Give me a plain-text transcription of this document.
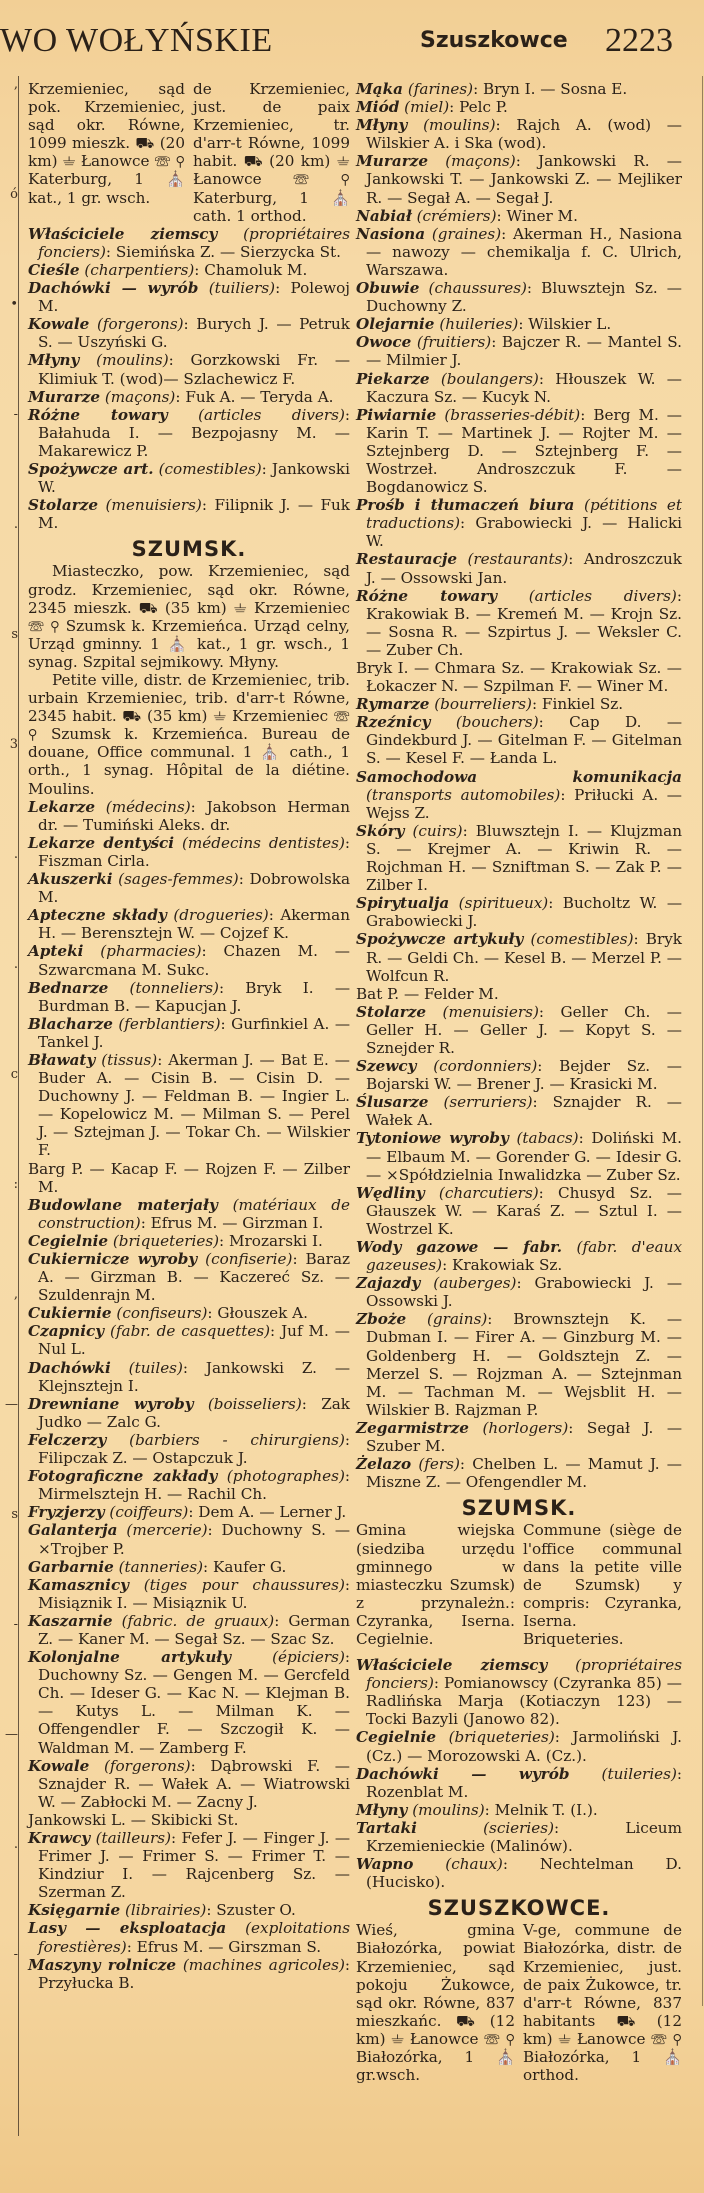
WO WOŁYŃSKIE	Szuszkowce 2223
,
ó
•
-
.
s
3
.
.
c
:
,
—
s
-
—
.
-
Krzemieniec, sąd pok. Krzemieniec, sąd okr. Równe, 1099 mieszk. ⛟ (20 km) ⏚ Łanowce ☏ ⚲ Katerburg, 1 ⛪ kat., 1 gr. wsch.
de Krzemieniec, just. de paix Krzemieniec, tr. d'arr-t Równe, 1099 habit. ⛟ (20 km) ⏚ Łanowce ☏ ⚲ Katerburg, 1 ⛪ cath. 1 orthod.

Właściciele ziemscy (propriétaires fonciers): Siemińska Z. — Sierzycka St.

Cieśle (charpentiers): Chamoluk M.

Dachówki — wyrób (tuiliers): Polewoj M.

Kowale (forgerons): Burych J. — Petruk S. — Uszyński G.

Młyny (moulins): Gorzkowski Fr. — Klimiuk T. (wod)— Szlachewicz F.

Murarze (maçons): Fuk A. — Teryda A.

Różne towary (articles divers): Bałahuda I. — Bezpojasny M. — Makarewicz P.

Spożywcze art. (comestibles): Jankowski W.

Stolarze (menuisiers): Filipnik J. — Fuk M.

SZUMSK.

Miasteczko, pow. Krzemieniec, sąd grodz. Krzemieniec, sąd okr. Równe, 2345 mieszk. ⛟ (35 km) ⏚ Krzemieniec ☏ ⚲ Szumsk k. Krzemieńca. Urząd celny, Urząd gminny. 1 ⛪ kat., 1 gr. wsch., 1 synag. Szpital sejmikowy. Młyny.

Petite ville, distr. de Krzemieniec, trib. urbain Krzemieniec, trib. d'arr-t Równe, 2345 habit. ⛟ (35 km) ⏚ Krzemieniec ☏ ⚲ Szumsk k. Krzemieńca. Bureau de douane, Office communal. 1 ⛪ cath., 1 orth., 1 synag. Hôpital de la diétine. Moulins.

Lekarze (médecins): Jakobson Herman dr. — Tumiński Aleks. dr.

Lekarze dentyści (médecins dentistes): Fiszman Cirla.

Akuszerki (sages-femmes): Dobrowolska M.

Apteczne składy (drogueries): Akerman H. — Berensztejn W. — Cojzef K.

Apteki (pharmacies): Chazen M. — Szwarcmana M. Sukc.

Bednarze (tonneliers): Bryk I. — Burdman B. — Kapucjan J.

Blacharze (ferblantiers): Gurfinkiel A. — Tankel J.

Bławaty (tissus): Akerman J. — Bat E. — Buder A. — Cisin B. — Cisin D. — Duchowny J. — Feldman B. — Ingier L. — Kopelowicz M. — Milman S. — Perel J. — Sztejman J. — Tokar Ch. — Wilskier F.

Barg P. — Kacap F. — Rojzen F. — Zilber M.

Budowlane materjały (matériaux de construction): Efrus M. — Girzman I.

Cegielnie (briqueteries): Mrozarski I.

Cukiernicze wyroby (confiserie): Baraz A. — Girzman B. — Kaczereć Sz. — Szuldenrajn M.

Cukiernie (confiseurs): Głouszek A.

Czapnicy (fabr. de casquettes): Juf M. — Nul L.

Dachówki (tuiles): Jankowski Z. — Klejnsztejn I.

Drewniane wyroby (boisseliers): Zak Judko — Zalc G.

Felczerzy (barbiers - chirurgiens): Filipczak Z. — Ostapczuk J.

Fotograficzne zakłady (photographes): Mirmelsztejn H. — Rachil Ch.

Fryzjerzy (coiffeurs): Dem A. — Lerner J.

Galanterja (mercerie): Duchowny S. — ×Trojber P.

Garbarnie (tanneries): Kaufer G.

Kamasznicy (tiges pour chaussures): Misiąznik I. — Misiąznik U.

Kaszarnie (fabric. de gruaux): German Z. — Kaner M. — Segał Sz. — Szac Sz.

Kolonjalne artykuły	(épiciers): Duchowny Sz. — Gengen M. — Gercfeld Ch. — Ideser G. — Kac N. — Klejman B. — Kutys L. — Milman K. — Offengendler F. — Szczogił K. — Waldman M. — Zamberg F.

Kowale (forgerons): Dąbrowski F. — Sznajder R. — Wałek A. — Wiatrowski W. — Zabłocki M. — Zacny J.

Jankowski L. — Skibicki St.

Krawcy (tailleurs): Fefer J. — Finger J. — Frimer J. — Frimer S. — Frimer T. — Kindziur I. — Rajcenberg Sz. — Szerman Z.

Księgarnie (librairies): Szuster O.

Lasy — eksploatacja (exploitations forestières): Efrus M. — Girszman S.

Maszyny rolnicze (machines agricoles): Przyłucka B.

Mąka (farines): Bryn I. — Sosna E.

Miód (miel): Pelc P.

Młyny (moulins): Rajch A. (wod) — Wilskier A. i Ska (wod).

Murarze (maçons): Jankowski R. — Jankowski T. — Jankowski Z. — Mejliker R. — Segał A. — Segał J.

Nabiał (crémiers): Winer M.

Nasiona (graines): Akerman H., Nasiona — nawozy — chemikalja f. C. Ulrich, Warszawa.

Obuwie (chaussures): Bluwsztejn Sz. — Duchowny Z.

Olejarnie (huileries): Wilskier L.

Owoce (fruitiers): Bajczer R. — Mantel S. — Milmier J.

Piekarze (boulangers): Hłouszek W. — Kaczura Sz. — Kucyk N.

Piwiarnie (brasseries-débit): Berg M. — Karin T. — Martinek J. — Rojter M. — Sztejnberg D. — Sztejnberg F. — Wostrzeł. Androszczuk F. — Bogdanowicz S.

Prośb i tłumaczeń biura (pétitions et traductions): Grabowiecki J. — Halicki W.

Restauracje (restaurants): Androszczuk J. — Ossowski Jan.

Różne towary (articles divers): Krakowiak B. — Kremeń M. — Krojn Sz. — Sosna R. — Szpirtus J. — Weksler C. — Zuber Ch.

Bryk I. — Chmara Sz. — Krakowiak Sz. — Łokaczer N. — Szpilman F. — Winer M.

Rymarze (bourreliers): Finkiel Sz.

Rzeźnicy (bouchers): Cap D. — Gindekburd J. — Gitelman F. — Gitelman S. — Kesel F. — Łanda L.

Samochodowa komunikacja (transports automobiles): Priłucki A. — Wejss Z.

Skóry (cuirs): Bluwsztejn I. — Klujzman S. — Krejmer A. — Kriwin R. — Rojchman H. — Szniftman S. — Zak P. — Zilber I.

Spirytualja (spiritueux): Bucholtz W. — Grabowiecki J.

Spożywcze artykuły (comestibles): Bryk R. — Geldi Ch. — Kesel B. — Merzel P. — Wolfcun R.

Bat P. — Felder M.

Stolarze (menuisiers): Geller Ch. — Geller H. — Geller J. — Kopyt S. — Sznejder R.

Szewcy (cordonniers): Bejder Sz. — Bojarski W. — Brener J. — Krasicki M.

Ślusarze (serruriers): Sznajder R. — Wałek A.

Tytoniowe wyroby (tabacs): Doliński M. — Elbaum M. — Gorender G. — Idesir G. — ×Spółdzielnia Inwalidzka — Zuber Sz.

Wędliny (charcutiers): Chusyd Sz. — Głauszek W. — Karaś Z. — Sztul I. — Wostrzel K.

Wody gazowe — fabr. (fabr. d'eaux gazeuses): Krakowiak Sz.

Zajazdy (auberges): Grabowiecki J. — Ossowski J.

Zboże (grains): Brownsztejn K. — Dubman I. — Firer A. — Ginzburg M. — Goldenberg H. — Goldsztejn Z. — Merzel S. — Rojzman A. — Sztejnman M. — Tachman M. — Wejsblit H. — Wilskier B. Rajzman P.

Zegarmistrze (horlogers): Segał J. — Szuber M.

Żelazo (fers): Chelben L. — Mamut J. — Miszne Z. — Ofengendler M.

SZUMSK.
Gmina wiejska (siedziba urzędu gminnego w miasteczku Szumsk) z przynależn.: Czyranka, Iserna. Cegielnie.
Commune (siège de l'office communal dans la petite ville de Szumsk) y compris: Czyranka, Iserna. Briqueteries.

Właściciele ziemscy (propriétaires fonciers): Pomianowscy (Czyranka 85) — Radlińska Marja (Kotiaczyn 123) — Tocki Bazyli (Janowo 82).

Cegielnie (briqueteries): Jarmoliński J. (Cz.) — Morozowski A. (Cz.).

Dachówki — wyrób (tuileries): Rozenblat M.

Młyny (moulins): Melnik T. (I.).

Tartaki	(scieries): Liceum Krzemienieckie (Malinów).

Wapno (chaux): Nechtelman D. (Hucisko).

SZUSZKOWCE.
Wieś, gmina Białozórka, powiat Krzemieniec, sąd pokoju Żukowce, sąd okr. Równe, 837 mieszkańc. ⛟ (12 km) ⏚ Łanowce ☏ ⚲ Białozórka, 1 ⛪ gr.wsch.
V-ge, commune de Białozórka, distr. de Krzemieniec, just. de paix Żukowce, tr. d'arr-t Równe, 837 habitants ⛟ (12 km) ⏚ Łanowce ☏ ⚲ Białozórka, 1 ⛪ orthod.
